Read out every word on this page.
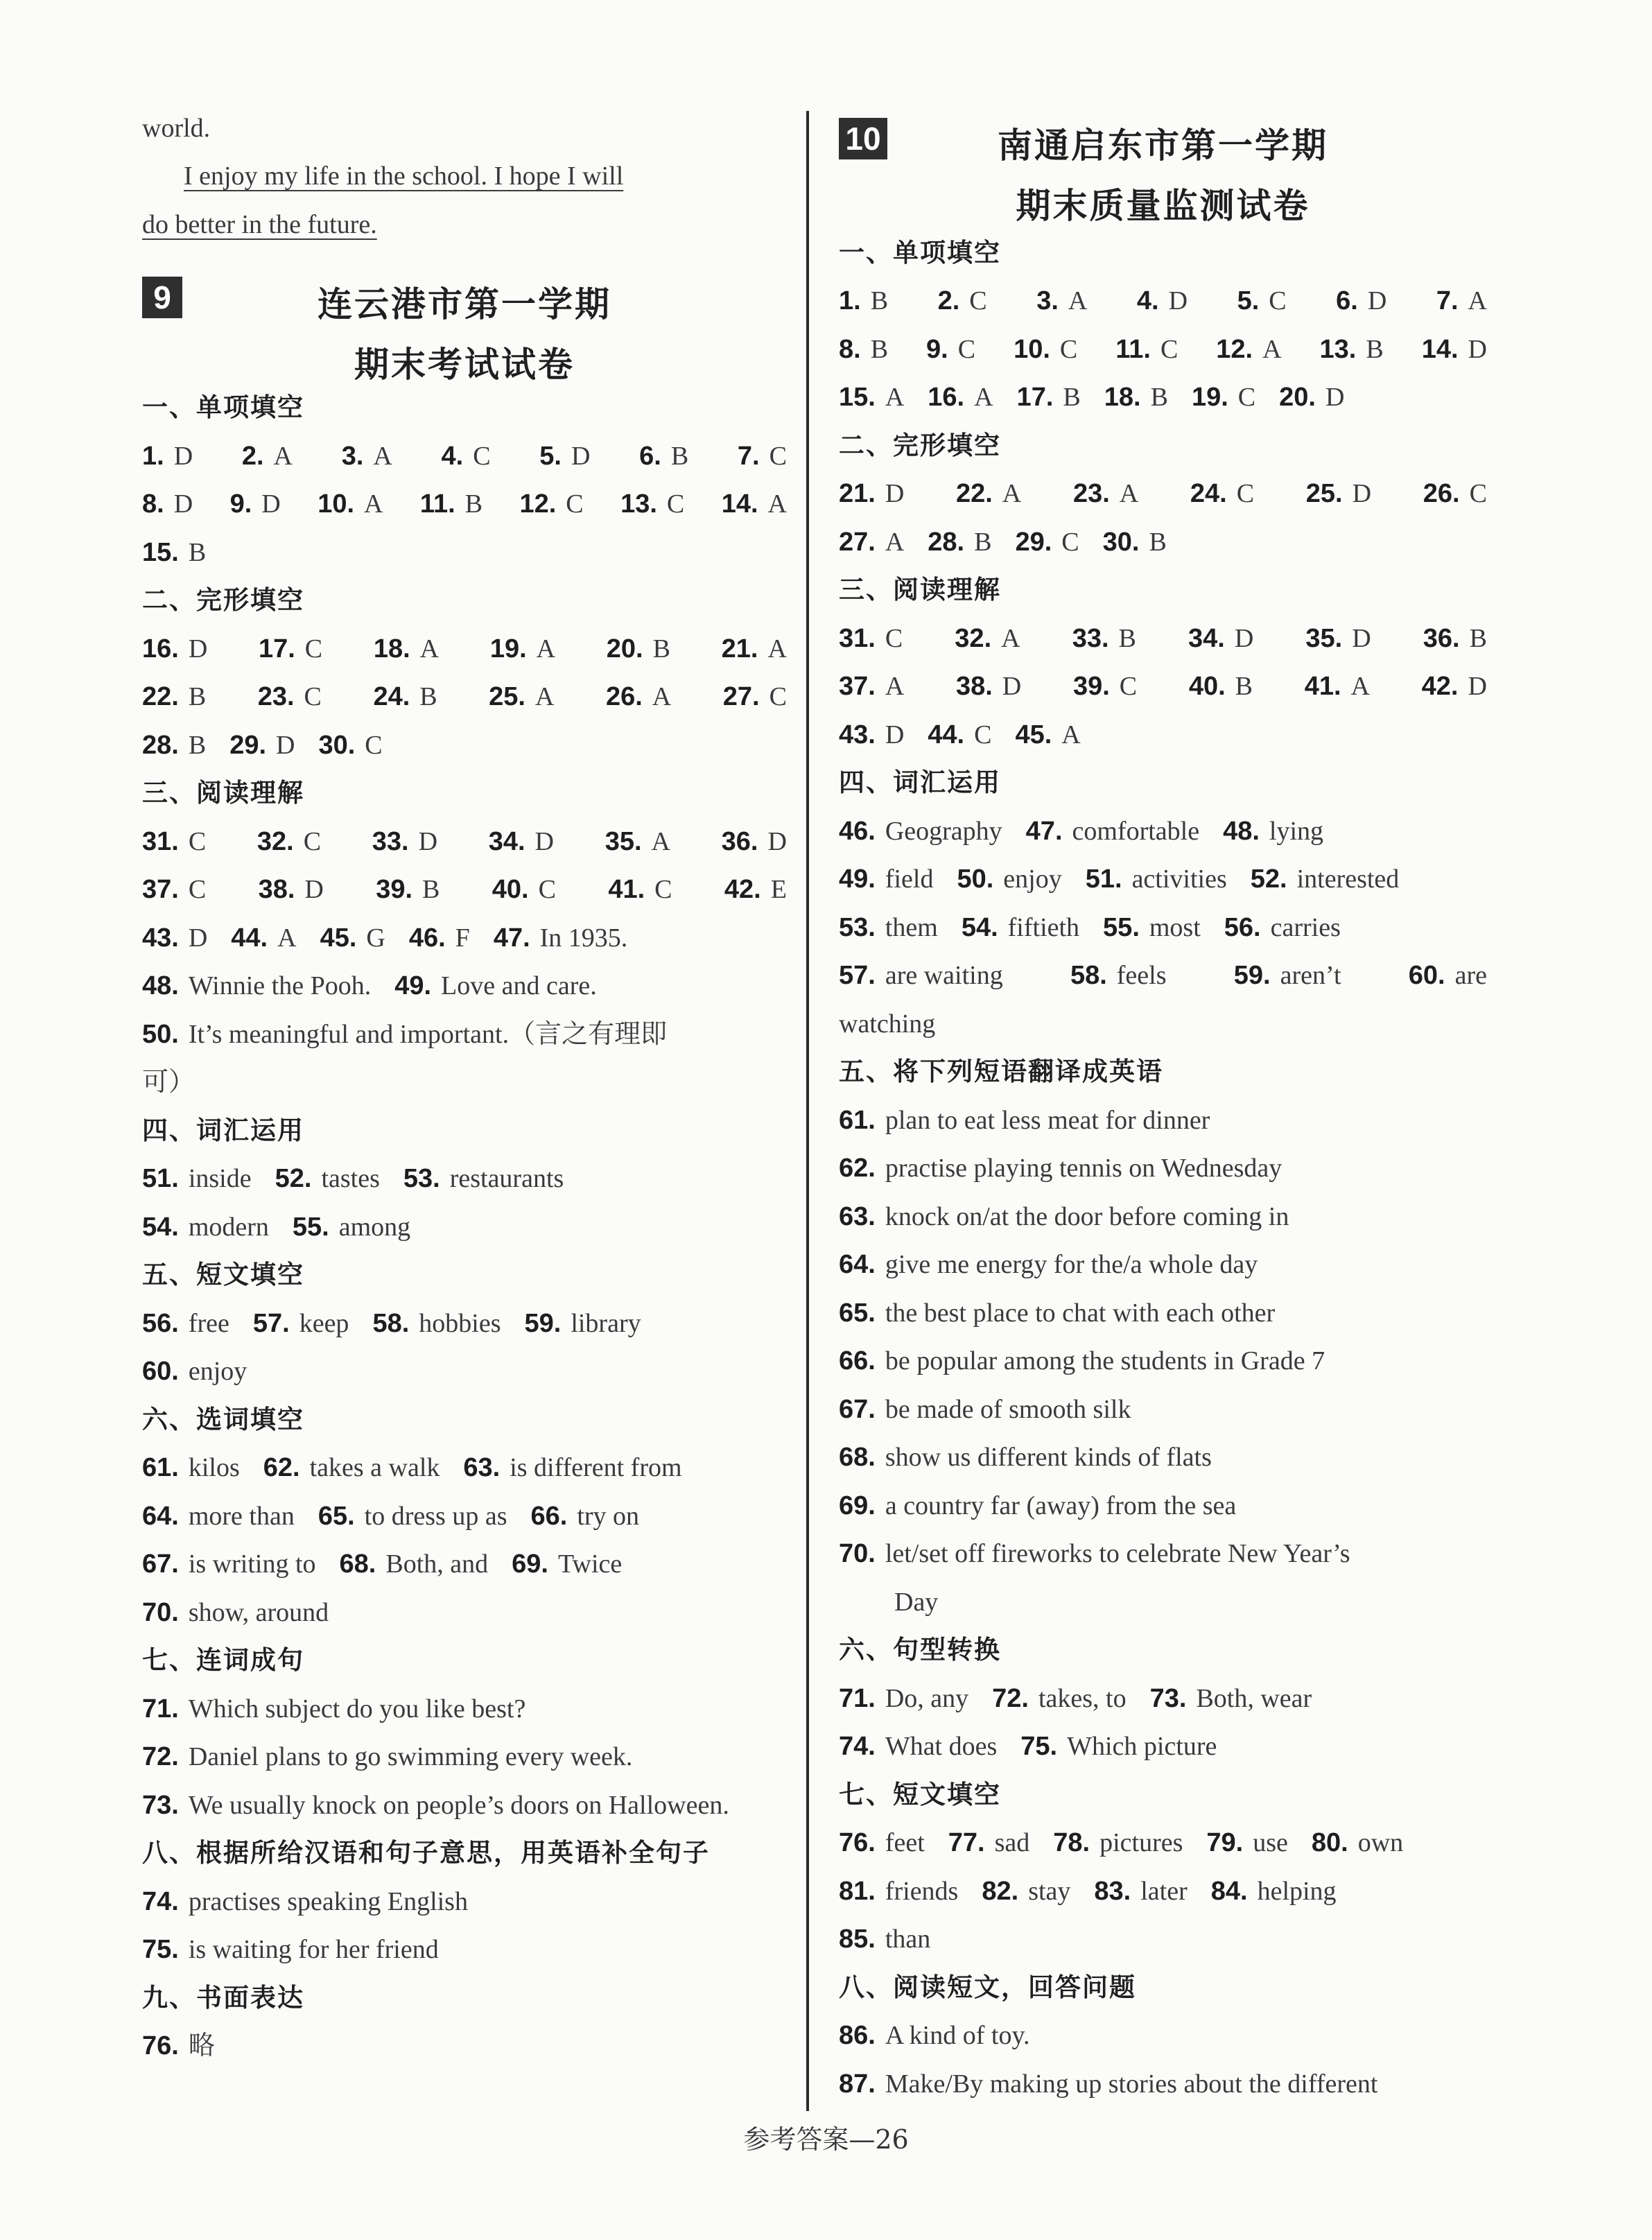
world.
I enjoy my life in the school. I hope I will
do better in the future.
9	连云港市第一学期
期末考试试卷
一、单项填空
1. D 2. A 3. A 4. C 5. D 6. B 7. C
8. D 9. D 10. A 11. B 12. C 13. C 14. A
15. B
二、完形填空
16. D 17. C 18. A 19. A 20. B 21. A
22. B 23. C 24. B 25. A 26. A 27. C
28. B 29. D 30. C
三、阅读理解
31. C 32. C 33. D 34. D 35. A 36. D
37. C 38. D 39. B 40. C 41. C 42. E
43. D 44. A 45. G 46. F 47. In 1935.
48. Winnie the Pooh. 49. Love and care.
50. It’s meaningful and important.（言之有理即
可）
四、词汇运用
51. inside 52. tastes 53. restaurants
54. modern 55. among
五、短文填空
56. free 57. keep 58. hobbies 59. library
60. enjoy
六、选词填空
61. kilos 62. takes a walk 63. is different from
64. more than 65. to dress up as 66. try on
67. is writing to 68. Both, and 69. Twice
70. show, around
七、连词成句
71. Which subject do you like best?
72. Daniel plans to go swimming every week.
73. We usually knock on people’s doors on Halloween.
八、根据所给汉语和句子意思，用英语补全句子
74. practises speaking English
75. is waiting for her friend
九、书面表达
76. 略
10	南通启东市第一学期
期末质量监测试卷
一、单项填空
1. B 2. C 3. A 4. D 5. C 6. D 7. A
8. B 9. C 10. C 11. C 12. A 13. B 14. D
15. A 16. A 17. B 18. B 19. C 20. D
二、完形填空
21. D 22. A 23. A 24. C 25. D 26. C
27. A 28. B 29. C 30. B
三、阅读理解
31. C 32. A 33. B 34. D 35. D 36. B
37. A 38. D 39. C 40. B 41. A 42. D
43. D 44. C 45. A
四、词汇运用
46. Geography 47. comfortable 48. lying
49. field 50. enjoy 51. activities 52. interested
53. them 54. fiftieth 55. most 56. carries
57. are waiting	58. feels	59. aren’t	60. are
watching
五、将下列短语翻译成英语
61. plan to eat less meat for dinner
62. practise playing tennis on Wednesday
63. knock on/at the door before coming in
64. give me energy for the/a whole day
65. the best place to chat with each other
66. be popular among the students in Grade 7
67. be made of smooth silk
68. show us different kinds of flats
69. a country far (away) from the sea
70. let/set off fireworks to celebrate New Year’s
Day
六、句型转换
71. Do, any 72. takes, to 73. Both, wear
74. What does 75. Which picture
七、短文填空
76. feet 77. sad 78. pictures 79. use 80. own
81. friends 82. stay 83. later 84. helping
85. than
八、阅读短文，回答问题
86. A kind of toy.
87. Make/By making up stories about the different
参考答案—26
